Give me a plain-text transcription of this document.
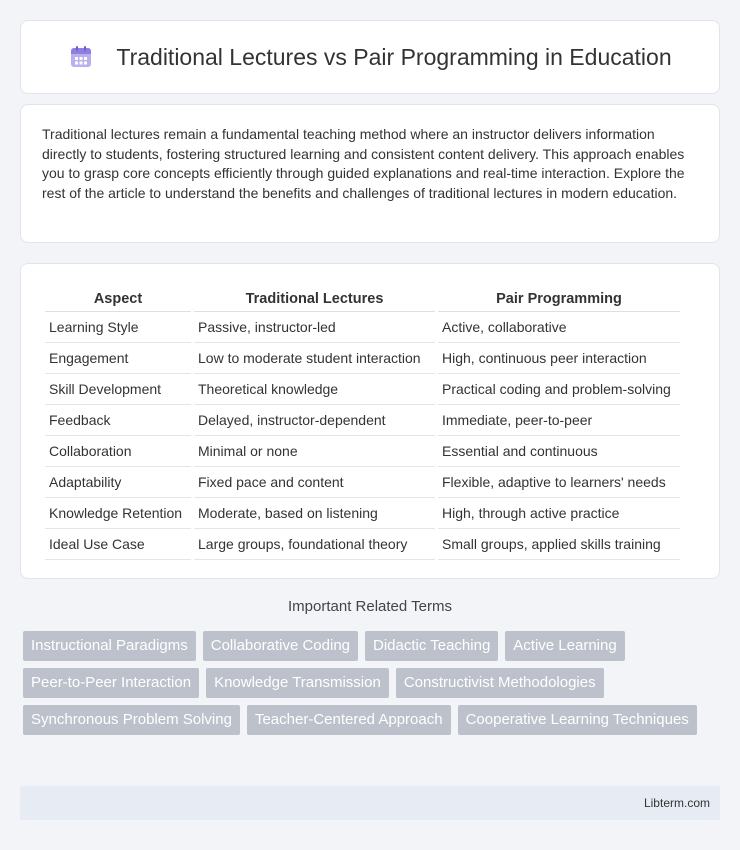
Traditional Lectures vs Pair Programming in Education

Traditional lectures remain a fundamental teaching method where an instructor delivers information directly to students, fostering structured learning and consistent content delivery. This approach enables you to grasp core concepts efficiently through guided explanations and real-time interaction. Explore the rest of the article to understand the benefits and challenges of traditional lectures in modern education.

Aspect	Traditional Lectures	Pair Programming
Learning Style	Passive, instructor-led	Active, collaborative
Engagement	Low to moderate student interaction	High, continuous peer interaction
Skill Development	Theoretical knowledge	Practical coding and problem-solving
Feedback	Delayed, instructor-dependent	Immediate, peer-to-peer
Collaboration	Minimal or none	Essential and continuous
Adaptability	Fixed pace and content	Flexible, adaptive to learners' needs
Knowledge Retention	Moderate, based on listening	High, through active practice
Ideal Use Case	Large groups, foundational theory	Small groups, applied skills training
Important Related Terms
Instructional Paradigms	Collaborative Coding	Didactic Teaching	Active Learning
Peer-to-Peer Interaction	Knowledge Transmission	Constructivist Methodologies
Synchronous Problem Solving	Teacher-Centered Approach	Cooperative Learning Techniques
Libterm.com
